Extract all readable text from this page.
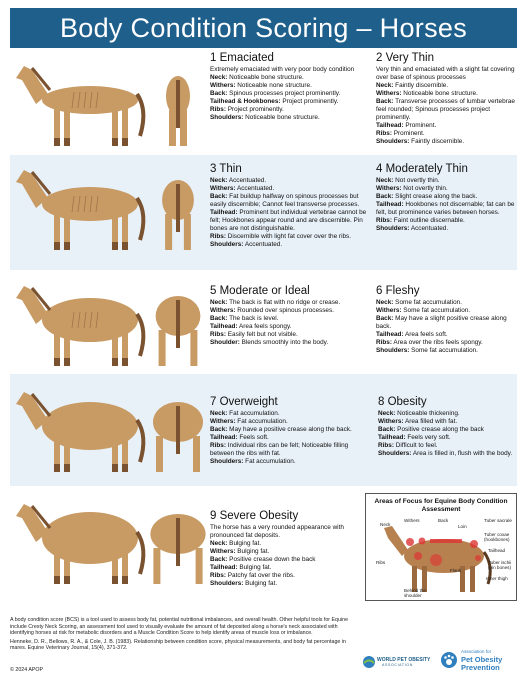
Body Condition Scoring – Horses
1 Emaciated
Extremely emaciated with very poor body condition
Neck: Noticeable bone structure.
Withers: Noticeable none structure.
Back: Spinous processes project prominently.
Tailhead & Hookbones: Project prominently.
Ribs: Project prominently.
Shoulders: Noticeable bone structure.
2 Very Thin
Very thin and emaciated with a slight fat covering over base of spinous processes
Neck: Faintly discernible.
Withers: Noticeable bone structure.
Back: Transverse processes of lumbar vertebrae feel rounded; Spinous processes project prominently.
Tailhead: Prominent.
Ribs: Prominent.
Shoulders: Faintly discernible.
3 Thin
Neck: Accentuated.
Withers: Accentuated.
Back: Fat buildup halfway on spinous processes but easily discernible; Cannot feel transverse processes.
Tailhead: Prominent but individual vertebrae cannot be felt; Hookbones appear round and are discernible. Pin bones are not distinguishable.
Ribs: Discernible with light fat cover over the ribs.
Shoulders: Accentuated.
4 Moderately Thin
Neck: Not overtly thin.
Withers: Not overtly thin.
Back: Slight crease along the back.
Tailhead: Hookbones not discernable; fat can be felt, but prominence varies between horses.
Ribs: Faint outline discernable.
Shoulders: Accentuated.
5 Moderate or Ideal
Neck: The back is flat with no ridge or crease.
Withers: Rounded over spinous processes.
Back: The back is level.
Tailhead: Area feels spongy.
Ribs: Easily felt but not visible.
Shoulder: Blends smoothly into the body.
6 Fleshy
Neck: Some fat accumulation.
Withers: Some fat accumulation.
Back: May have a slight positive crease along back.
Tailhead: Area feels soft.
Ribs: Area over the ribs feels spongy.
Shoulders: Some fat accumulation.
7 Overweight
Neck: Fat accumulation.
Withers: Fat accumulation.
Back: May have a positive crease along the back.
Tailhead: Feels soft.
Ribs: Individual ribs can be felt; Noticeable filling between the ribs with fat.
Shoulders: Fat accumulation.
8 Obesity
Neck: Noticeable thickening.
Withers: Area filled with fat.
Back: Positive crease along the back
Tailhead: Feels very soft.
Ribs: Difficult to feel.
Shoulders: Area is filled in, flush with the body.
9 Severe Obesity
The horse has a very rounded appearance with pronounced fat deposits.
Neck: Bulging fat.
Withers: Bulging fat.
Back: Positive crease down the back
Tailhead: Bulging fat.
Ribs: Patchy fat over the ribs.
Shoulders: Bulging fat.
Areas of Focus for Equine Body Condition Assessment
Neck
Withers	Back
Loin
Tuber sacrale
Tuber coxae (hookbones)
Tailhead
Ribs
Flank
Tuber ischii (pin bones)
Inner thigh
Behind the shoulder

A body condition score (BCS) is a tool used to assess body fat, potential nutritional imbalances, and overall health. Other helpful tools for Equine include Cresty Neck Scoring, an assessment tool used to visually evaluate the amount of fat deposited along a horse's neck associated with identifying horses at risk for metabolic disorders and a Muscle Condition Score to help identify areas of muscle loss or imbalance.

Henneke, D. R., Bellows, R. A., & Cole, J. B. (1983). Relationship between condition score, physical measurements, and body fat percentage in mares. Equine Veterinary Journal, 15(4), 371-372.

© 2024 APOP
WORLD PET OBESITY
ASSOCIATION
Association for
Pet Obesity
Prevention
